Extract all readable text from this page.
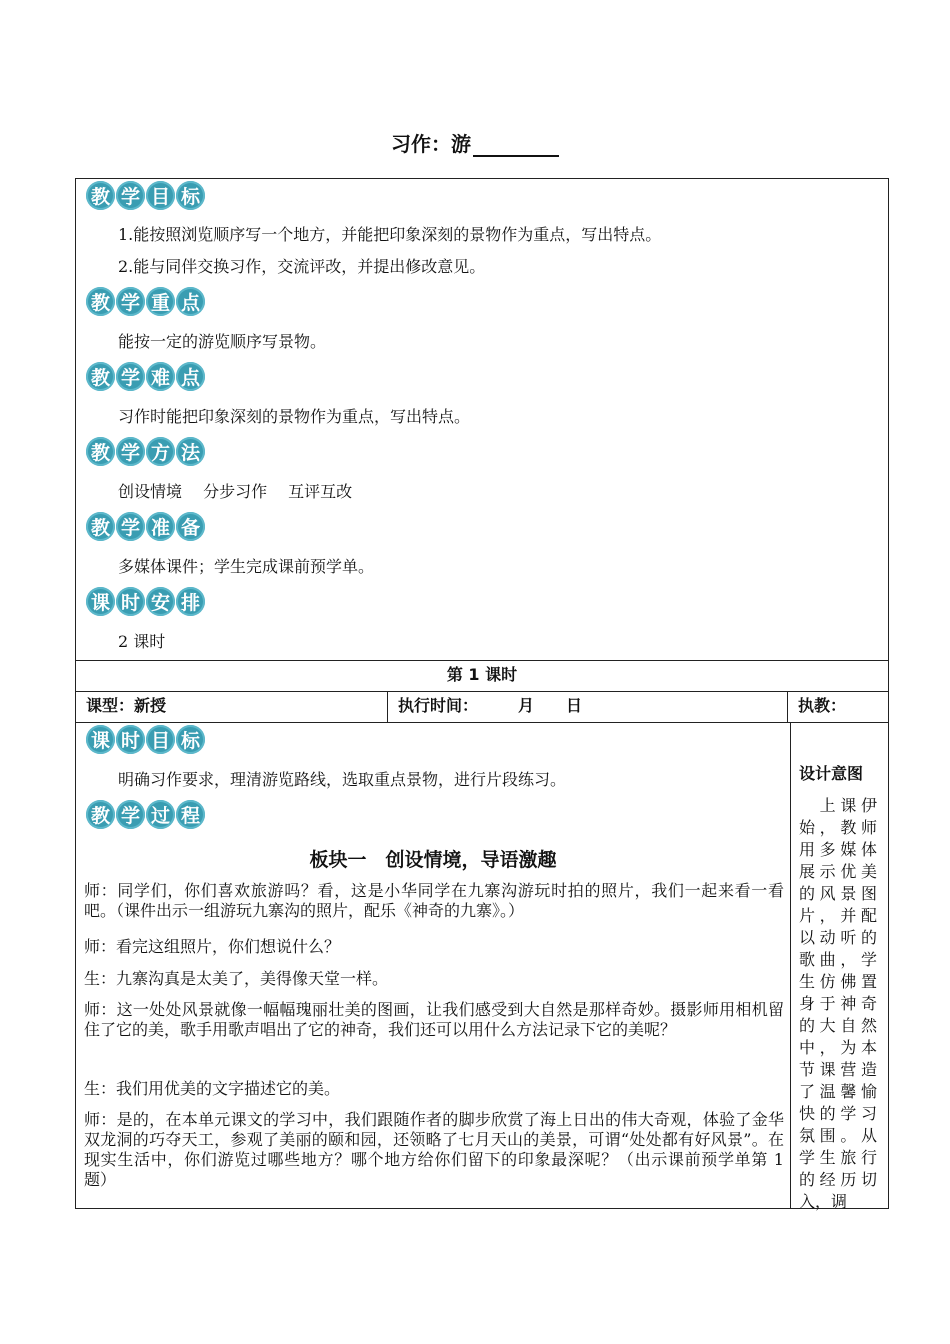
习作：游
教 学 目 标
1.能按照浏览顺序写一个地方，并能把印象深刻的景物作为重点，写出特点。
2.能与同伴交换习作，交流评改，并提出修改意见。
教 学 重 点
能按一定的游览顺序写景物。
教 学 难 点
习作时能把印象深刻的景物作为重点，写出特点。
教 学 方 法
创设情境　 分步习作　 互评互改
教 学 准 备
多媒体课件；学生完成课前预学单。
课 时 安 排
2 课时
第 1 课时
课型：新授	执行时间：　　　月　　日	执教：
课 时 目 标
明确习作要求，理清游览路线，选取重点景物，进行片段练习。
教 学 过 程
板块一　创设情境，导语激趣
师：同学们，你们喜欢旅游吗？看，这是小华同学在九寨沟游玩时拍的照片，我们一起来看一看吧。（课件出示一组游玩九寨沟的照片，配乐《神奇的九寨》。）
师：看完这组照片，你们想说什么？
生：九寨沟真是太美了，美得像天堂一样。
师：这一处处风景就像一幅幅瑰丽壮美的图画，让我们感受到大自然是那样奇妙。摄影师用相机留住了它的美，歌手用歌声唱出了它的神奇，我们还可以用什么方法记录下它的美呢？
生：我们用优美的文字描述它的美。
师：是的，在本单元课文的学习中，我们跟随作者的脚步欣赏了海上日出的伟大奇观，体验了金华双龙洞的巧夺天工，参观了美丽的颐和园，还领略了七月天山的美景，可谓“处处都有好风景”。在现实生活中，你们游览过哪些地方？哪个地方给你们留下的印象最深呢？（出示课前预学单第 1 题）
设计意图
　上课伊始，教师用多媒体展示优美的风景图片，并配以动听的歌曲，学生仿佛置身于神奇的大自然中，为本节课营造了温馨愉快的学习氛围。从学生旅行的经历切入，调
